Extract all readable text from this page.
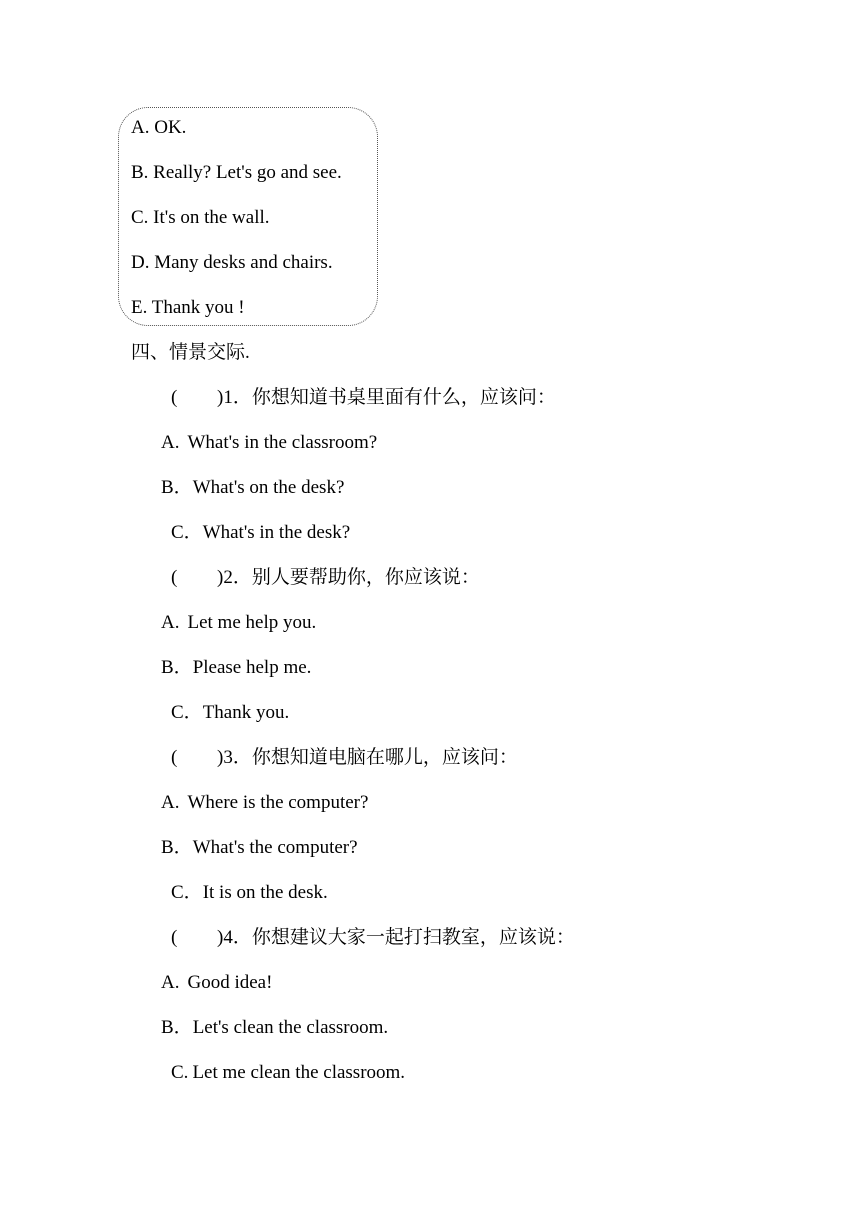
A. OK.
B. Really? Let's go and see.
C. It's on the wall.
D. Many desks and chairs.
E. Thank you !
四、情景交际.
( )1．你想知道书桌里面有什么，应该问：
A. What's in the classroom?
B．What's on the desk?
C．What's in the desk?
( )2．别人要帮助你，你应该说：
A. Let me help you.
B．Please help me.
C．Thank you.
( )3．你想知道电脑在哪儿，应该问：
A. Where is the computer?
B．What's the computer?
C．It is on the desk.
( )4．你想建议大家一起打扫教室，应该说：
A. Good idea!
B．Let's clean the classroom.
C. Let me clean the classroom.
